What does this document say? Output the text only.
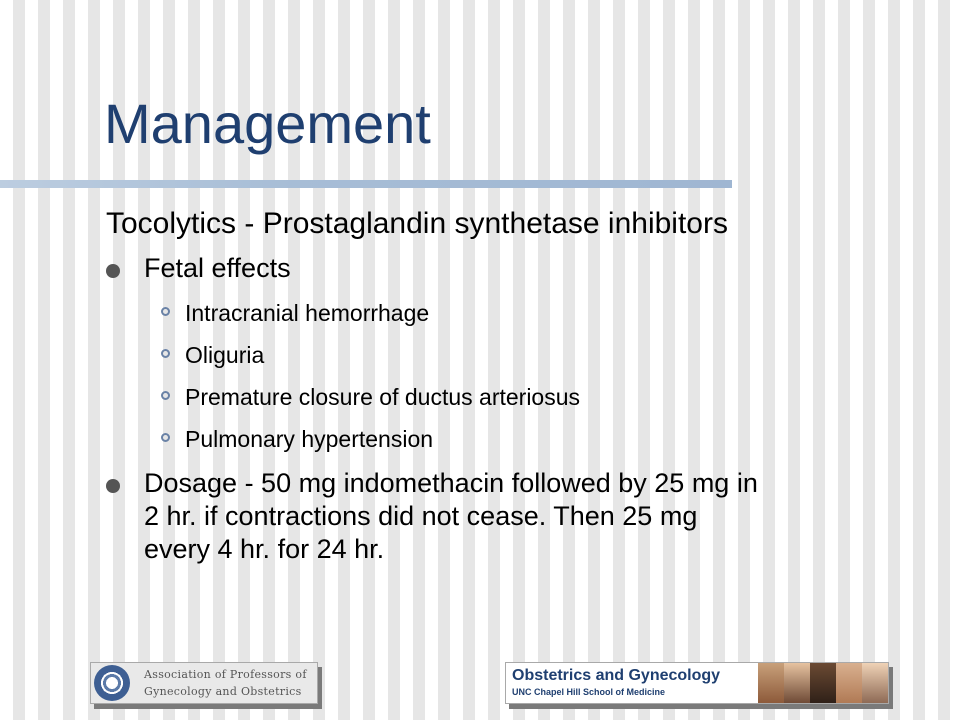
Management
Tocolytics - Prostaglandin synthetase inhibitors
Fetal effects
Intracranial hemorrhage
Oliguria
Premature closure of ductus arteriosus
Pulmonary hypertension
Dosage - 50 mg indomethacin followed by 25 mg in
2 hr. if contractions did not cease. Then 25 mg
every 4 hr. for 24 hr.
Association of Professors of
Gynecology and Obstetrics
Obstetrics and Gynecology
UNC Chapel Hill School of Medicine
